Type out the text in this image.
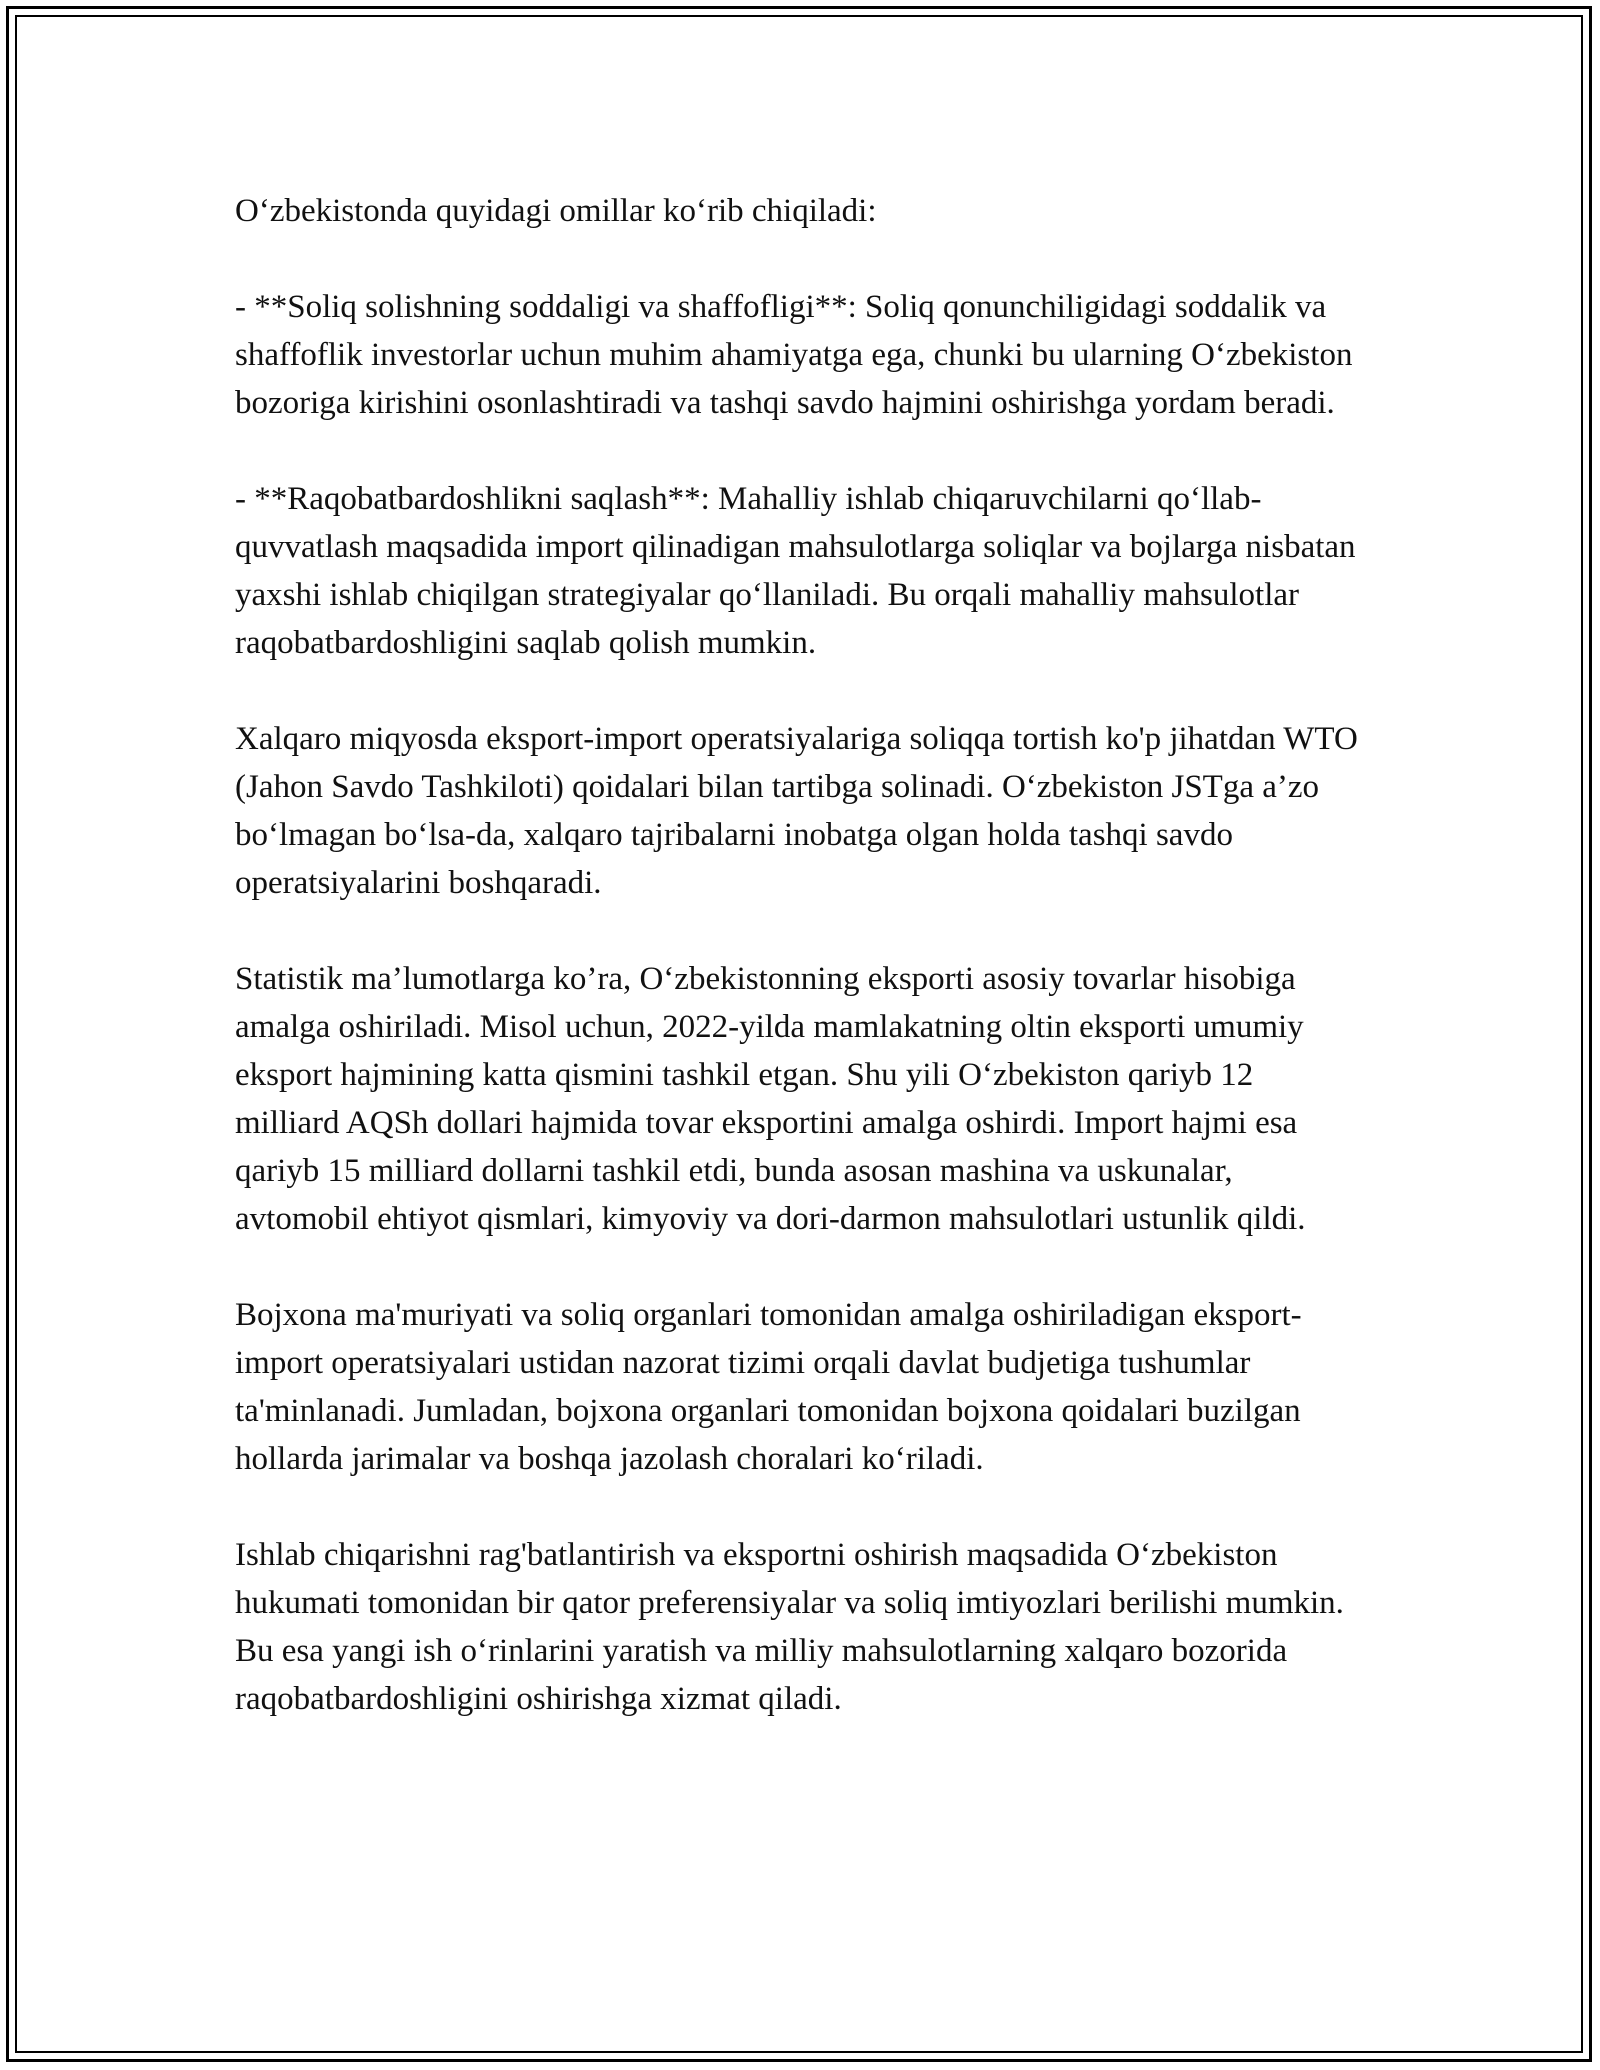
O‘zbekistonda quyidagi omillar ko‘rib chiqiladi:

- **Soliq solishning soddaligi va shaffofligi**: Soliq qonunchiligidagi soddalik va shaffoflik investorlar uchun muhim ahamiyatga ega, chunki bu ularning O‘zbekiston bozoriga kirishini osonlashtiradi va tashqi savdo hajmini oshirishga yordam beradi.

- **Raqobatbardoshlikni saqlash**: Mahalliy ishlab chiqaruvchilarni qo‘llab-quvvatlash maqsadida import qilinadigan mahsulotlarga soliqlar va bojlarga nisbatan yaxshi ishlab chiqilgan strategiyalar qo‘llaniladi. Bu orqali mahalliy mahsulotlar raqobatbardoshligini saqlab qolish mumkin.

Xalqaro miqyosda eksport-import operatsiyalariga soliqqa tortish ko'p jihatdan WTO (Jahon Savdo Tashkiloti) qoidalari bilan tartibga solinadi. O‘zbekiston JSTga a’zo bo‘lmagan bo‘lsa-da, xalqaro tajribalarni inobatga olgan holda tashqi savdo operatsiyalarini boshqaradi.

Statistik ma’lumotlarga ko’ra, O‘zbekistonning eksporti asosiy tovarlar hisobiga amalga oshiriladi. Misol uchun, 2022-yilda mamlakatning oltin eksporti umumiy eksport hajmining katta qismini tashkil etgan. Shu yili O‘zbekiston qariyb 12 milliard AQSh dollari hajmida tovar eksportini amalga oshirdi. Import hajmi esa qariyb 15 milliard dollarni tashkil etdi, bunda asosan mashina va uskunalar, avtomobil ehtiyot qismlari, kimyoviy va dori-darmon mahsulotlari ustunlik qildi.

Bojxona ma'muriyati va soliq organlari tomonidan amalga oshiriladigan eksport-import operatsiyalari ustidan nazorat tizimi orqali davlat budjetiga tushumlar ta'minlanadi. Jumladan, bojxona organlari tomonidan bojxona qoidalari buzilgan hollarda jarimalar va boshqa jazolash choralari ko‘riladi.

Ishlab chiqarishni rag'batlantirish va eksportni oshirish maqsadida O‘zbekiston hukumati tomonidan bir qator preferensiyalar va soliq imtiyozlari berilishi mumkin. Bu esa yangi ish o‘rinlarini yaratish va milliy mahsulotlarning xalqaro bozorida raqobatbardoshligini oshirishga xizmat qiladi.
